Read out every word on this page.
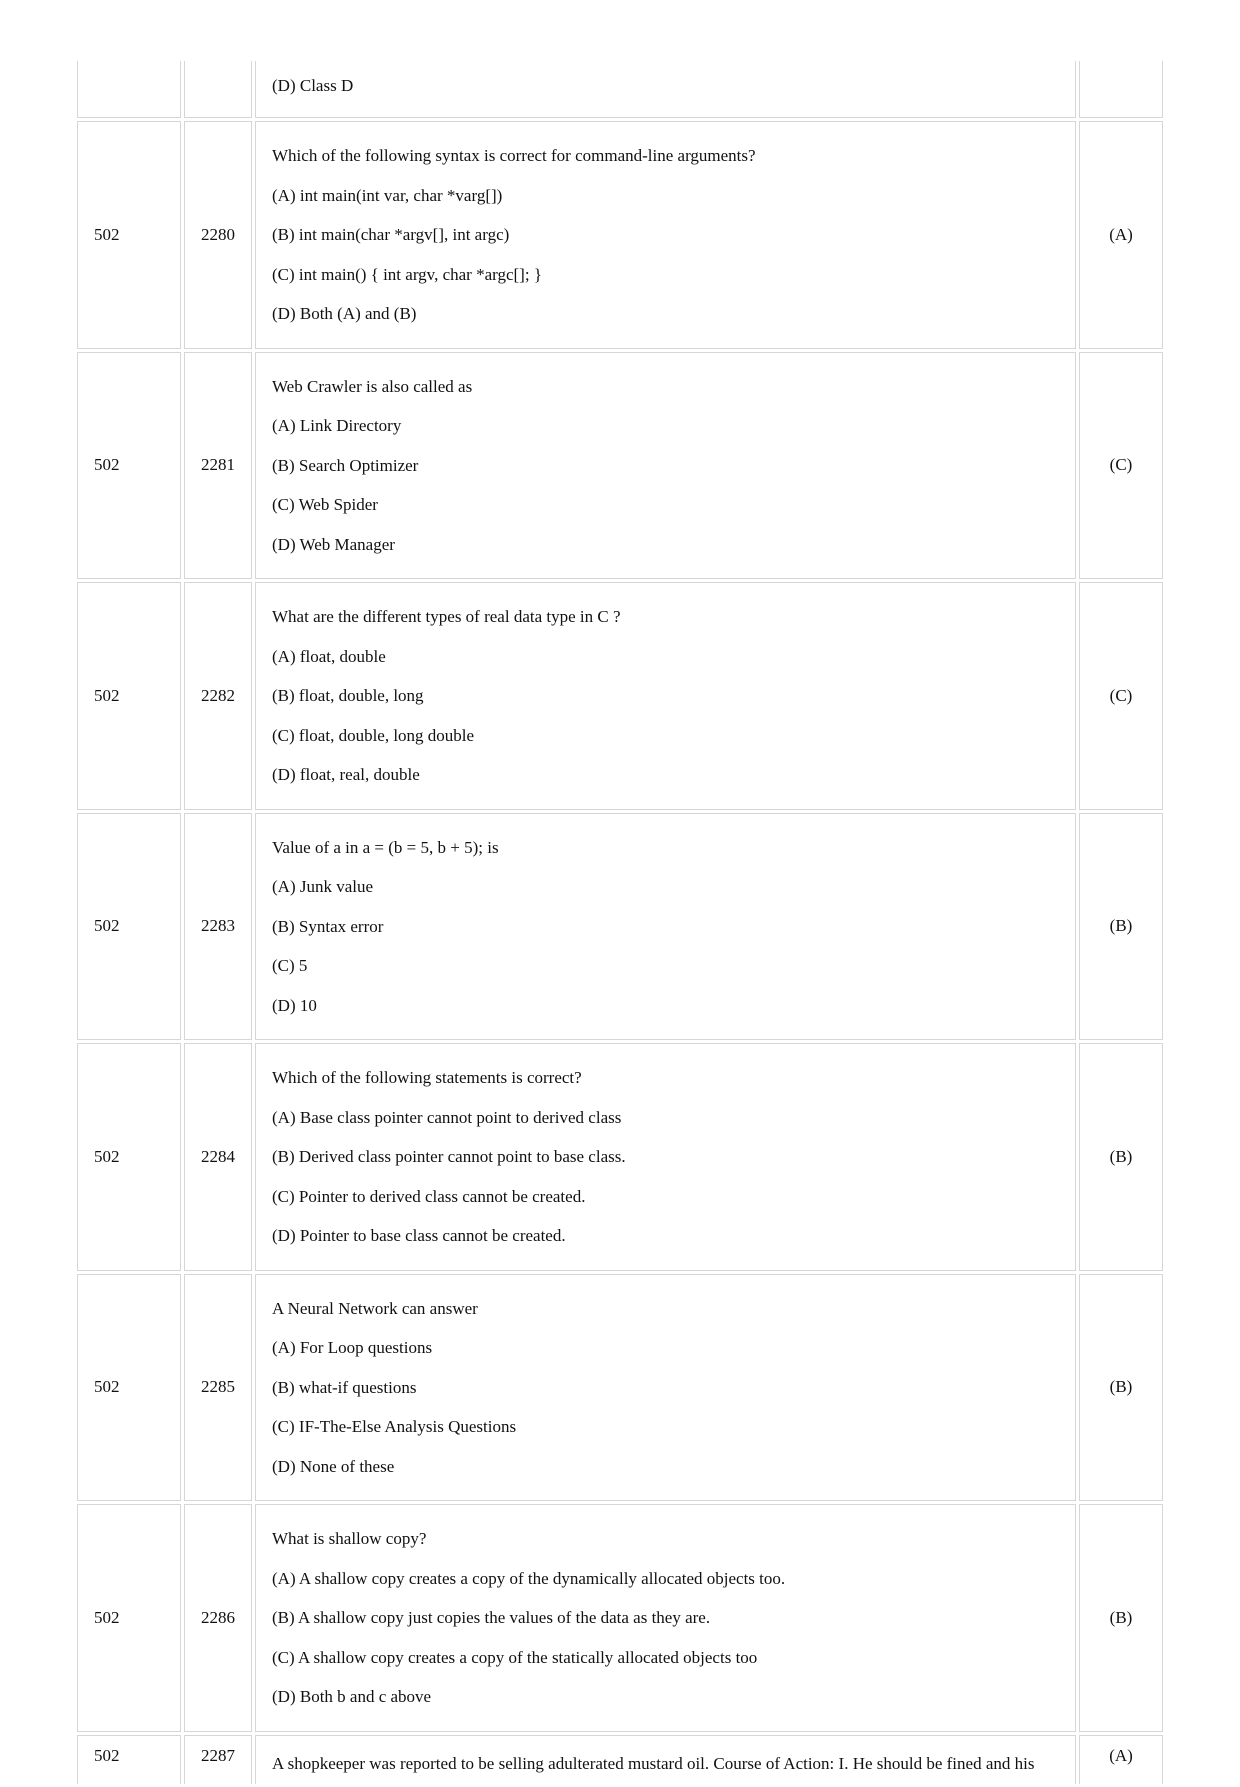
		(D) Class D	

502	2280	Which of the following syntax is correct for command-line arguments?
(A) int main(int var, char *varg[])
(B) int main(char *argv[], int argc)
(C) int main() { int argv, char *argc[]; }
(D) Both (A) and (B)	(A)
502	2281	Web Crawler is also called as
(A) Link Directory
(B) Search Optimizer
(C) Web Spider
(D) Web Manager	(C)
502	2282	What are the different types of real data type in C ?
(A) float, double
(B) float, double, long
(C) float, double, long double
(D) float, real, double	(C)
502	2283	Value of a in a = (b = 5, b + 5); is
(A) Junk value
(B) Syntax error
(C) 5
(D) 10	(B)
502	2284	Which of the following statements is correct?
(A) Base class pointer cannot point to derived class
(B) Derived class pointer cannot point to base class.
(C) Pointer to derived class cannot be created.
(D) Pointer to base class cannot be created.	(B)
502	2285	A Neural Network can answer
(A) For Loop questions
(B) what-if questions
(C) IF-The-Else Analysis Questions
(D) None of these	(B)
502	2286	What is shallow copy?
(A) A shallow copy creates a copy of the dynamically allocated objects too.
(B) A shallow copy just copies the values of the data as they are.
(C) A shallow copy creates a copy of the statically allocated objects too
(D) Both b and c above	(B)

502	2287	A shopkeeper was reported to be selling adulterated mustard oil. Course of Action: I. He should be fined and his	(A)
